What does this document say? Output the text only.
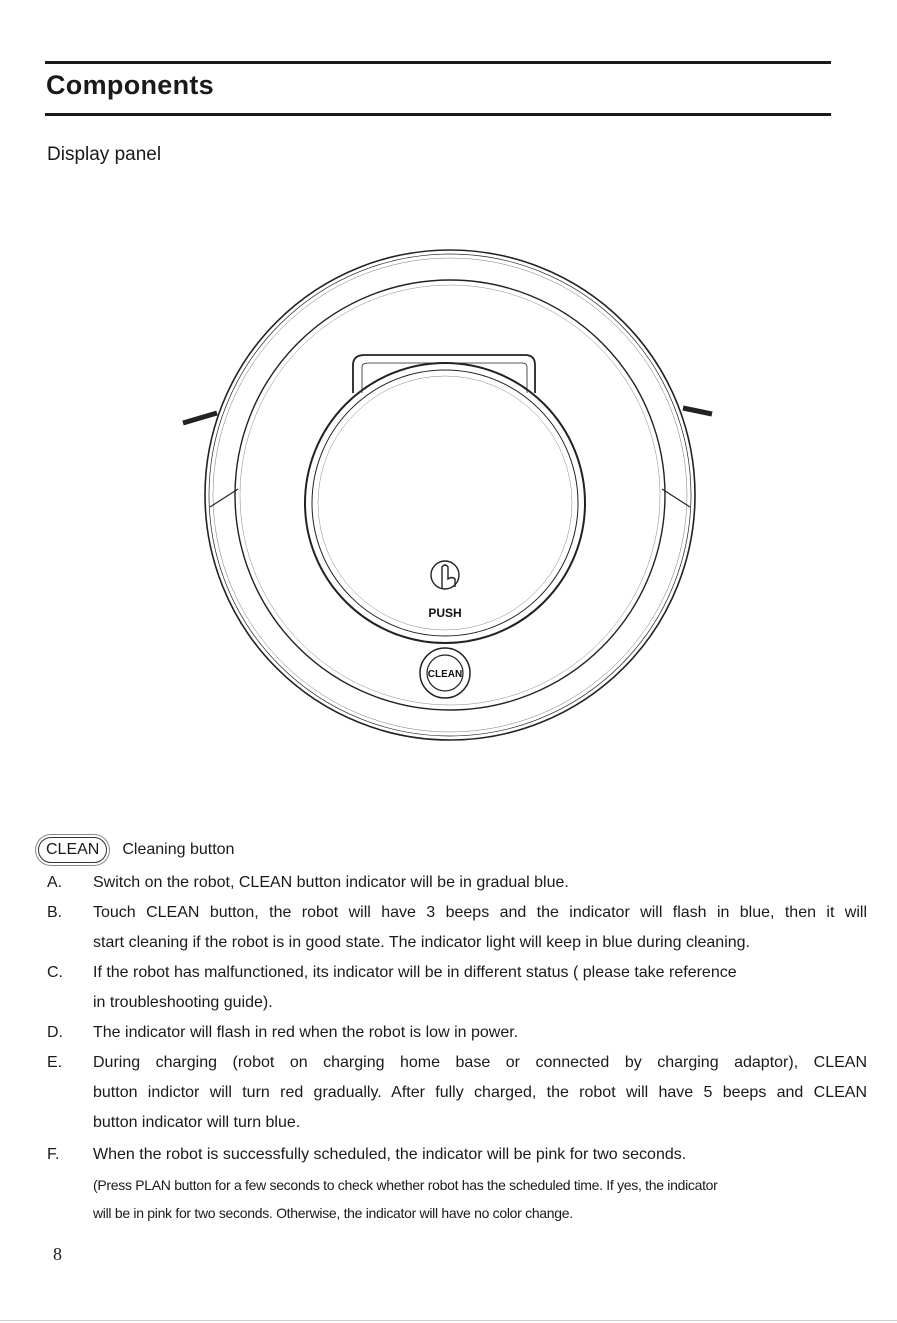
Components
Display panel
PUSH
CLEAN
CLEAN	Cleaning button
A. Switch on the robot, CLEAN button indicator will be in gradual blue.
B. Touch CLEAN button, the robot will have 3 beeps and the indicator will flash in blue, then it will
start cleaning if the robot is in good state. The indicator light will keep in blue during cleaning.
C. If the robot has malfunctioned, its indicator will be in different status ( please take reference
in troubleshooting guide).
D. The indicator will flash in red when the robot is low in power.
E. During charging (robot on charging home base or connected by charging adaptor), CLEAN
button indictor will turn red gradually. After fully charged, the robot will have 5 beeps and CLEAN
button indicator will turn blue.
F. When the robot is successfully scheduled, the indicator will be pink for two seconds.
(Press PLAN button for a few seconds to check whether robot has the scheduled time. If yes, the indicator
will be in pink for two seconds. Otherwise, the indicator will have no color change.
8
